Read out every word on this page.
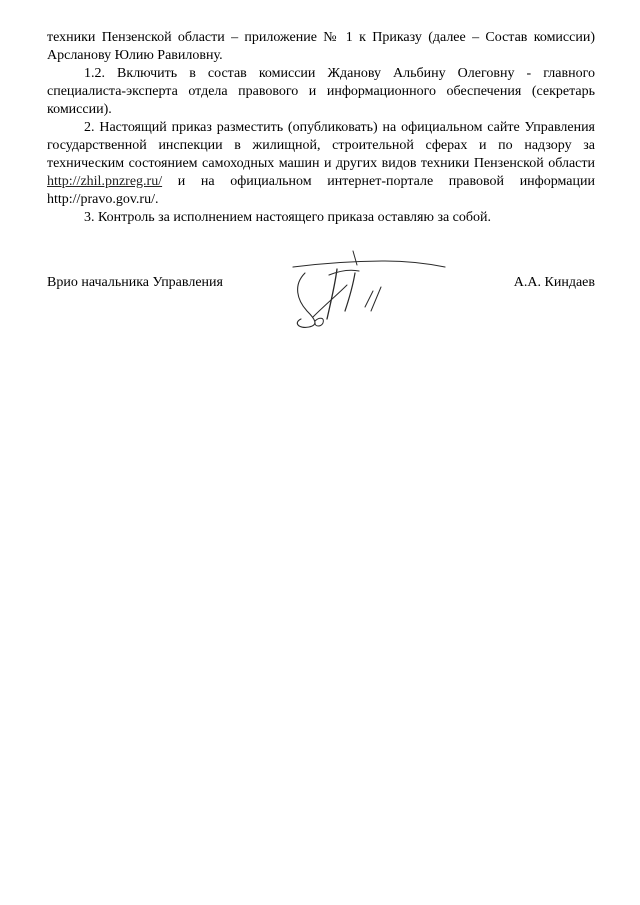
техники Пензенской области – приложение № 1 к Приказу (далее – Состав комиссии) Арсланову Юлию Равиловну.

1.2. Включить в состав комиссии Жданову Альбину Олеговну - главного специалиста-эксперта отдела правового и информационного обеспечения (секретарь комиссии).

2. Настоящий приказ разместить (опубликовать) на официальном сайте Управления государственной инспекции в жилищной, строительной сферах и по надзору за техническим состоянием самоходных машин и других видов техники Пензенской области http://zhil.pnzreg.ru/ и на официальном интернет-портале правовой информации http://pravo.gov.ru/.

3. Контроль за исполнением настоящего приказа оставляю за собой.

Врио начальника Управления	А.А. Киндаев
